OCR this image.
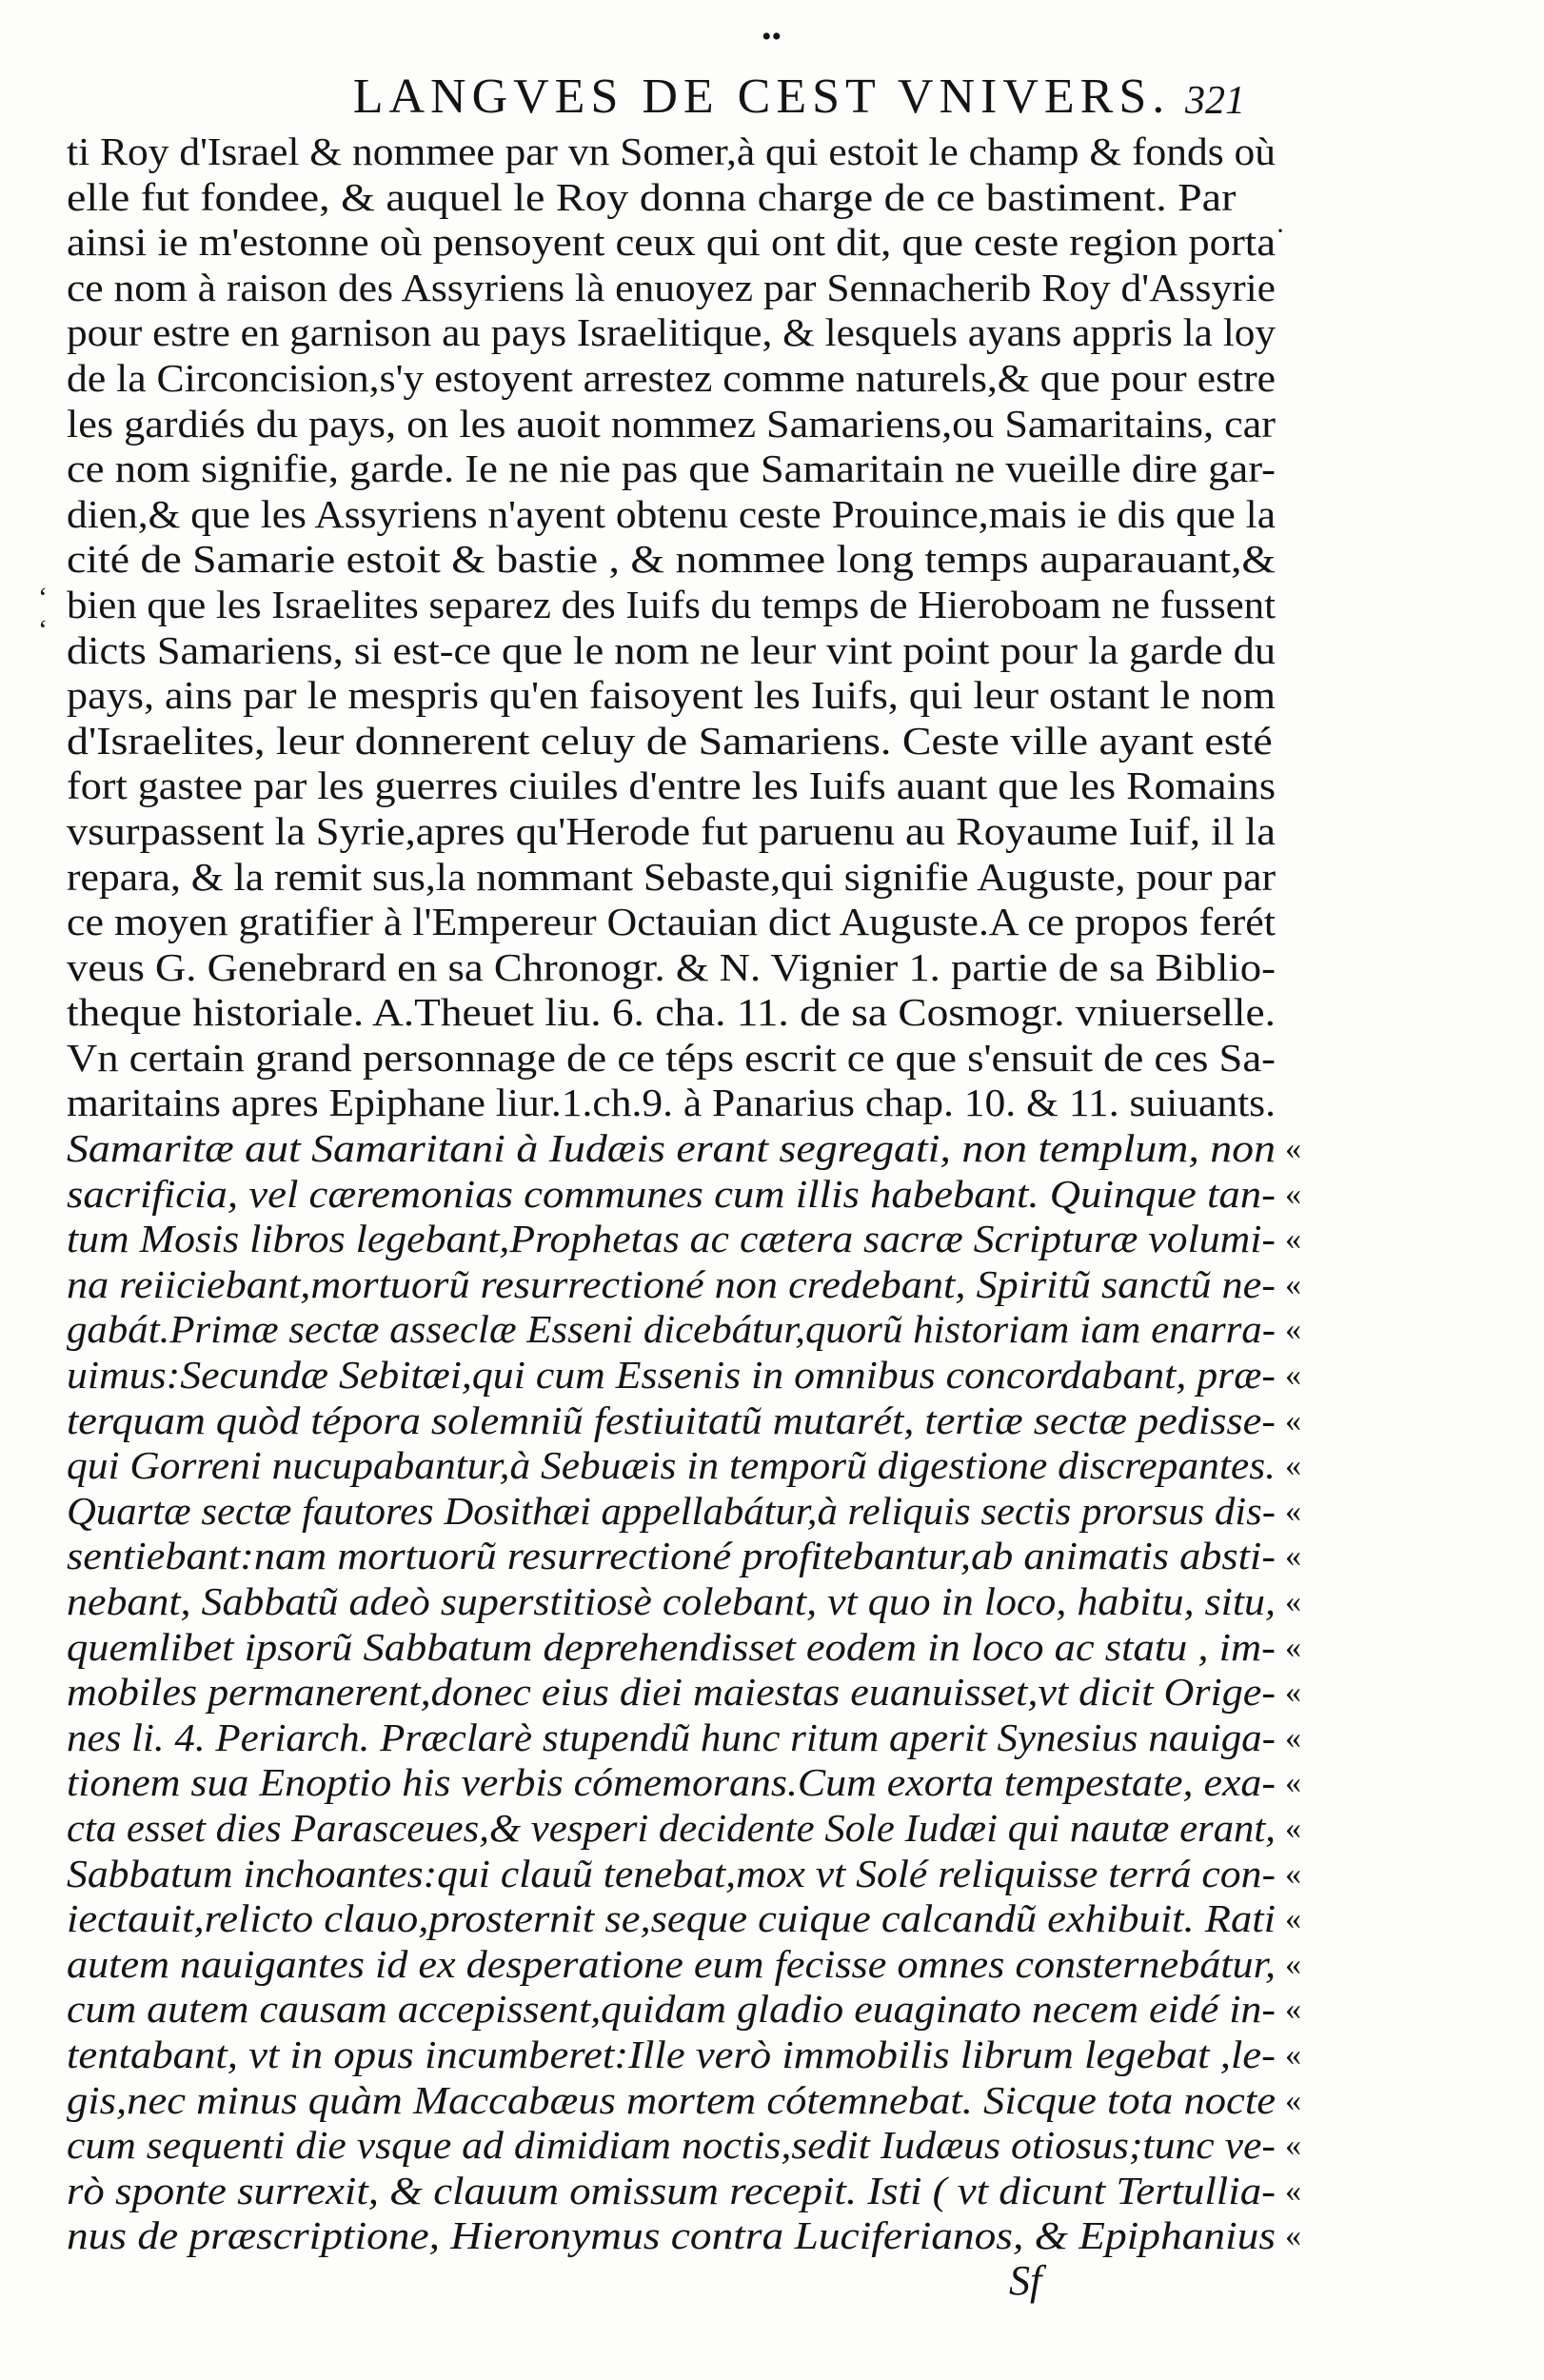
••
LANGVES DE CEST VNIVERS. 321
‘ ‘
·
ti Roy d'Israel & nommee par vn Somer,à qui estoit le champ & fonds où
elle fut fondee, & auquel le Roy donna charge de ce bastiment. Par
ainsi ie m'estonne où pensoyent ceux qui ont dit, que ceste region porta
ce nom à raison des Assyriens là enuoyez par Sennacherib Roy d'Assyrie
pour estre en garnison au pays Israelitique, & lesquels ayans appris la loy
de la Circoncision,s'y estoyent arrestez comme naturels,& que pour estre
les gardiés du pays, on les auoit nommez Samariens,ou Samaritains, car
ce nom signifie, garde. Ie ne nie pas que Samaritain ne vueille dire gar-
dien,& que les Assyriens n'ayent obtenu ceste Prouince,mais ie dis que la
cité de Samarie estoit & bastie , & nommee long temps auparauant,&
bien que les Israelites separez des Iuifs du temps de Hieroboam ne fussent
dicts Samariens, si est-ce que le nom ne leur vint point pour la garde du
pays, ains par le mespris qu'en faisoyent les Iuifs, qui leur ostant le nom
d'Israelites, leur donnerent celuy de Samariens. Ceste ville ayant esté
fort gastee par les guerres ciuiles d'entre les Iuifs auant que les Romains
vsurpassent la Syrie,apres qu'Herode fut paruenu au Royaume Iuif, il la
repara, & la remit sus,la nommant Sebaste,qui signifie Auguste, pour par
ce moyen gratifier à l'Empereur Octauian dict Auguste.A ce propos ferét
veus G. Genebrard en sa Chronogr. & N. Vignier 1. partie de sa Biblio-
theque historiale. A.Theuet liu. 6. cha. 11. de sa Cosmogr. vniuerselle.
Vn certain grand personnage de ce téps escrit ce que s'ensuit de ces Sa-
maritains apres Epiphane liur.1.ch.9. à Panarius chap. 10. & 11. suiuants.
Samaritæ aut Samaritani à Iudæis erant segregati, non templum, non «
sacrificia, vel cæremonias communes cum illis habebant. Quinque tan- «
tum Mosis libros legebant,Prophetas ac cætera sacræ Scripturæ volumi- «
na reiiciebant,mortuorũ resurrectioné non credebant, Spiritũ sanctũ ne- «
gabát.Primæ sectæ asseclæ Esseni dicebátur,quorũ historiam iam enarra- «
uimus:Secundæ Sebitæi,qui cum Essenis in omnibus concordabant, præ- «
terquam quòd tépora solemniũ festiuitatũ mutarét, tertiæ sectæ pedisse- «
qui Gorreni nucupabantur,à Sebuæis in temporũ digestione discrepantes. «
Quartæ sectæ fautores Dosithæi appellabátur,à reliquis sectis prorsus dis- «
sentiebant:nam mortuorũ resurrectioné profitebantur,ab animatis absti- «
nebant, Sabbatũ adeò superstitiosè colebant, vt quo in loco, habitu, situ, «
quemlibet ipsorũ Sabbatum deprehendisset eodem in loco ac statu , im- «
mobiles permanerent,donec eius diei maiestas euanuisset,vt dicit Orige- «
nes li. 4. Periarch. Præclarè stupendũ hunc ritum aperit Synesius nauiga- «
tionem sua Enoptio his verbis cómemorans.Cum exorta tempestate, exa- «
cta esset dies Parasceues,& vesperi decidente Sole Iudæi qui nautæ erant, «
Sabbatum inchoantes:qui clauũ tenebat,mox vt Solé reliquisse terrá con- «
iectauit,relicto clauo,prosternit se,seque cuique calcandũ exhibuit. Rati «
autem nauigantes id ex desperatione eum fecisse omnes consternebátur, «
cum autem causam accepissent,quidam gladio euaginato necem eidé in- «
tentabant, vt in opus incumberet:Ille verò immobilis librum legebat ,le- «
gis,nec minus quàm Maccabæus mortem cótemnebat. Sicque tota nocte «
cum sequenti die vsque ad dimidiam noctis,sedit Iudæus otiosus;tunc ve- «
rò sponte surrexit, & clauum omissum recepit. Isti ( vt dicunt Tertullia- «
nus de præscriptione, Hieronymus contra Luciferianos, & Epiphanius «
Sf
